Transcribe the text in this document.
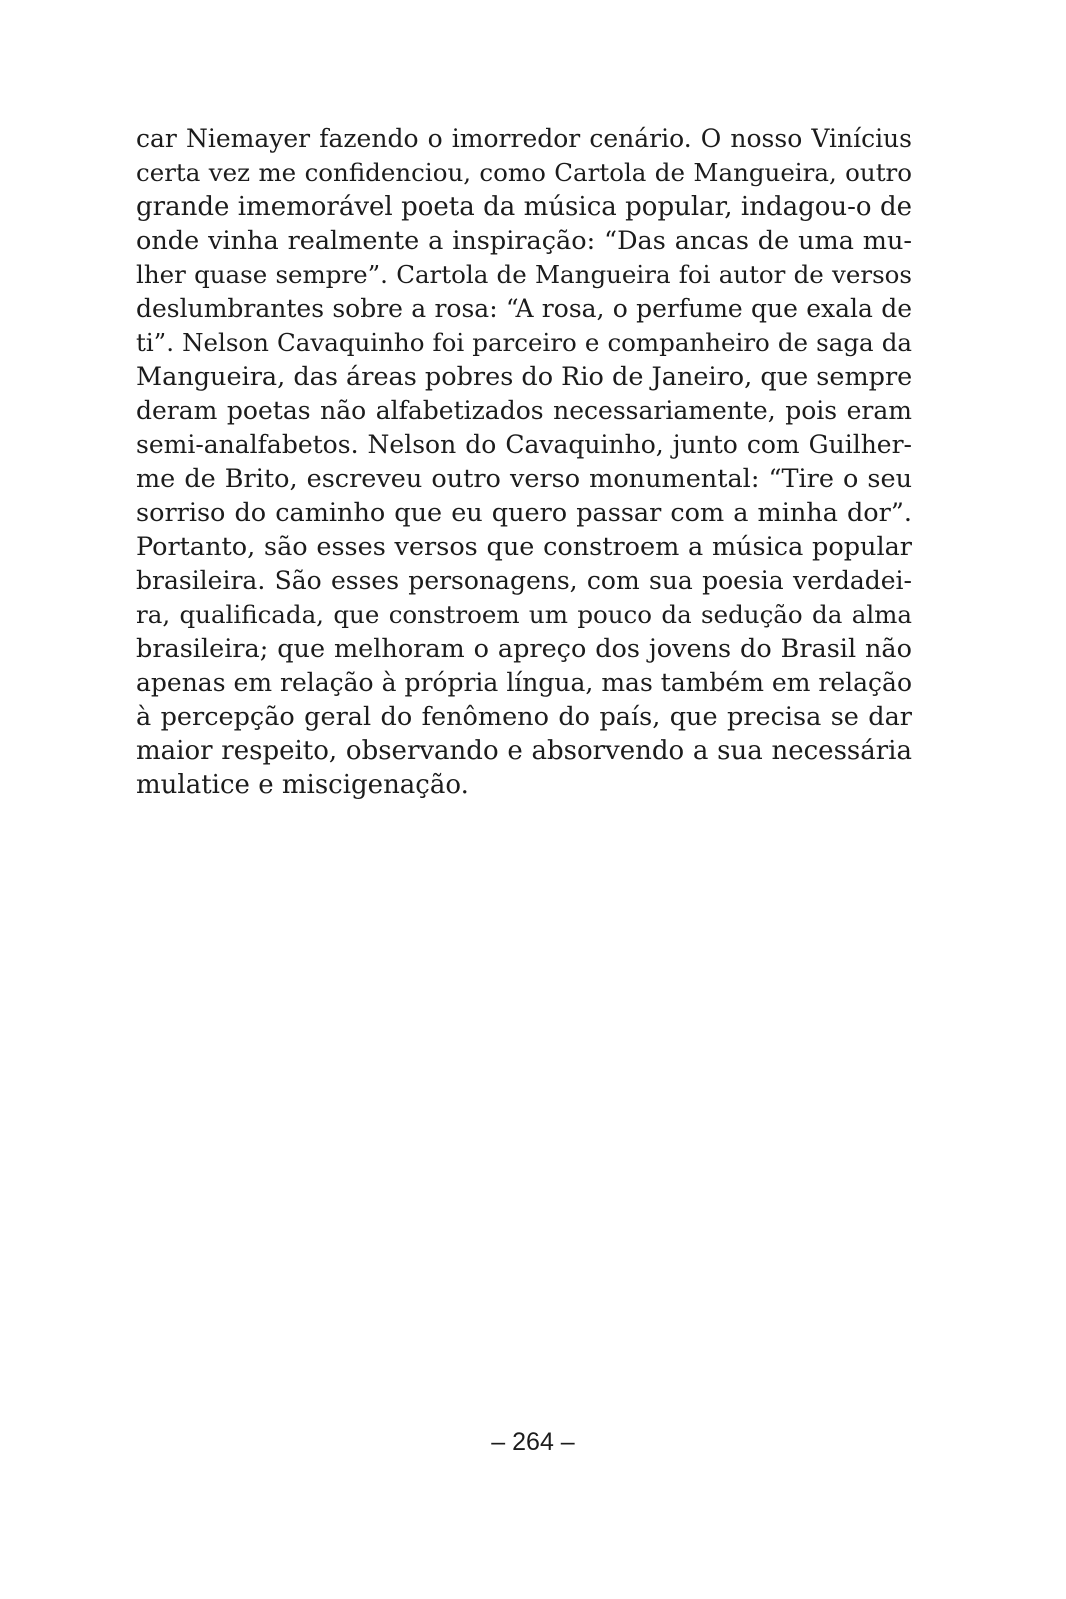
car Niemayer fazendo o imorredor cenário. O nosso Vinícius
certa vez me confidenciou, como Cartola de Mangueira, outro
grande imemorável poeta da música popular, indagou-o de
onde vinha realmente a inspiração: “Das ancas de uma mu-
lher quase sempre”. Cartola de Mangueira foi autor de versos
deslumbrantes sobre a rosa: “A rosa, o perfume que exala de
ti”. Nelson Cavaquinho foi parceiro e companheiro de saga da
Mangueira, das áreas pobres do Rio de Janeiro, que sempre
deram poetas não alfabetizados necessariamente, pois eram
semi-analfabetos. Nelson do Cavaquinho, junto com Guilher-
me de Brito, escreveu outro verso monumental: “Tire o seu
sorriso do caminho que eu quero passar com a minha dor”.
Portanto, são esses versos que constroem a música popular
brasileira. São esses personagens, com sua poesia verdadei-
ra, qualificada, que constroem um pouco da sedução da alma
brasileira; que melhoram o apreço dos jovens do Brasil não
apenas em relação à própria língua, mas também em relação
à percepção geral do fenômeno do país, que precisa se dar
maior respeito, observando e absorvendo a sua necessária
mulatice e miscigenação.

– 264 –
